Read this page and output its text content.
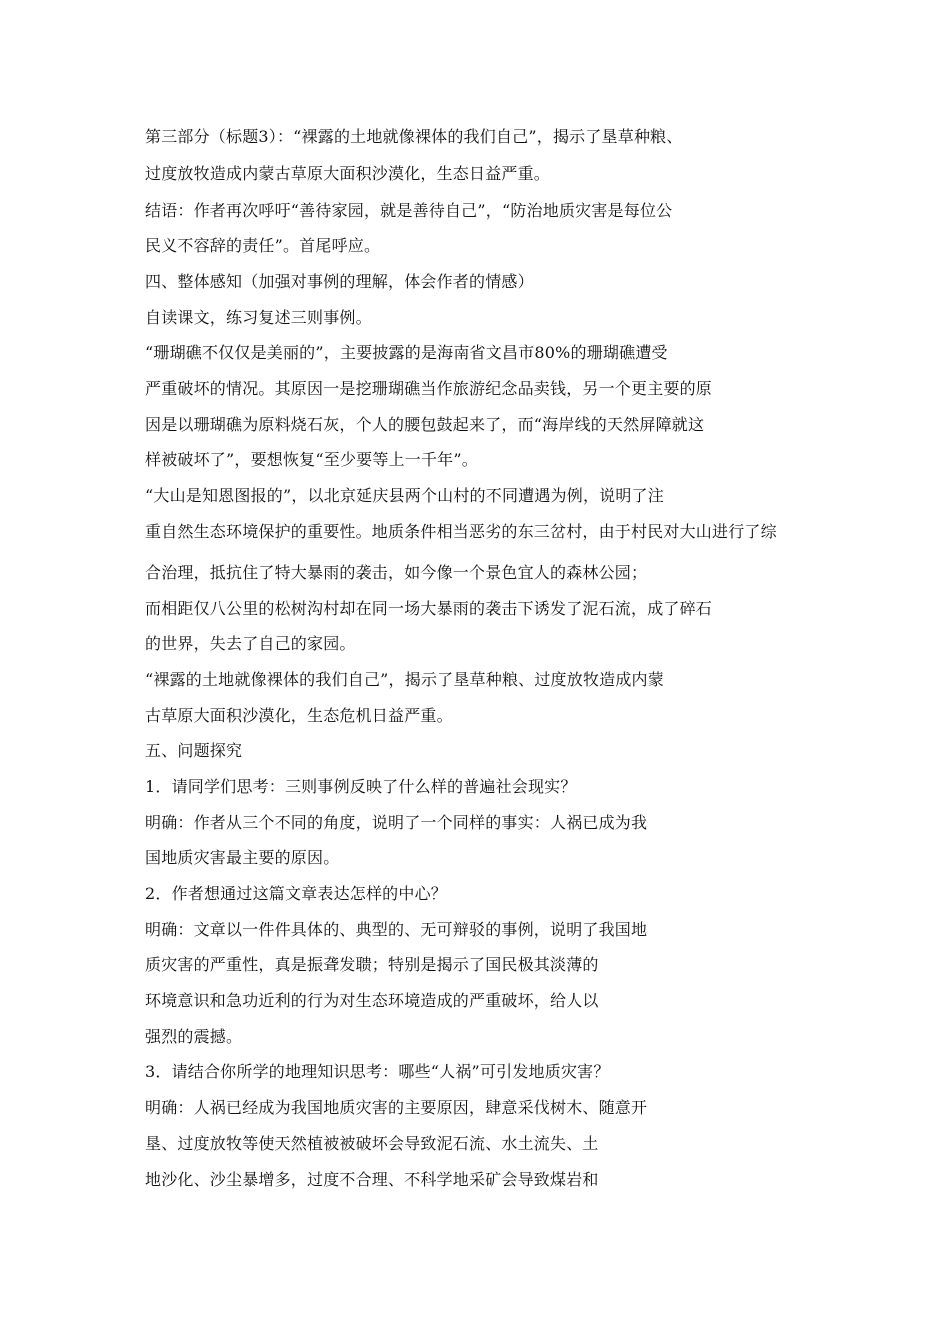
第三部分（标题3）：“裸露的土地就像裸体的我们自己”，揭示了垦草种粮、
过度放牧造成内蒙古草原大面积沙漠化，生态日益严重。
结语：作者再次呼吁“善待家园，就是善待自己”，“防治地质灾害是每位公
民义不容辞的责任”。首尾呼应。
四、整体感知（加强对事例的理解，体会作者的情感）
自读课文，练习复述三则事例。
“珊瑚礁不仅仅是美丽的”，主要披露的是海南省文昌市80%的珊瑚礁遭受
严重破坏的情况。其原因一是挖珊瑚礁当作旅游纪念品卖钱，另一个更主要的原
因是以珊瑚礁为原料烧石灰，个人的腰包鼓起来了，而“海岸线的天然屏障就这
样被破坏了”，要想恢复“至少要等上一千年”。
“大山是知恩图报的”，以北京延庆县两个山村的不同遭遇为例，说明了注
重自然生态环境保护的重要性。地质条件相当恶劣的东三岔村，由于村民对大山进行了综
合治理，抵抗住了特大暴雨的袭击，如今像一个景色宜人的森林公园；
而相距仅八公里的松树沟村却在同一场大暴雨的袭击下诱发了泥石流，成了碎石
的世界，失去了自己的家园。
“裸露的土地就像裸体的我们自己”，揭示了垦草种粮、过度放牧造成内蒙
古草原大面积沙漠化，生态危机日益严重。
五、问题探究
1．请同学们思考：三则事例反映了什么样的普遍社会现实？
明确：作者从三个不同的角度，说明了一个同样的事实：人祸已成为我
国地质灾害最主要的原因。
2．作者想通过这篇文章表达怎样的中心？
明确：文章以一件件具体的、典型的、无可辩驳的事例，说明了我国地
质灾害的严重性，真是振聋发聩；特别是揭示了国民极其淡薄的
环境意识和急功近利的行为对生态环境造成的严重破坏，给人以
强烈的震撼。
3．请结合你所学的地理知识思考：哪些“人祸”可引发地质灾害？
明确：人祸已经成为我国地质灾害的主要原因，肆意采伐树木、随意开
垦、过度放牧等使天然植被被破坏会导致泥石流、水土流失、土
地沙化、沙尘暴增多，过度不合理、不科学地采矿会导致煤岩和
